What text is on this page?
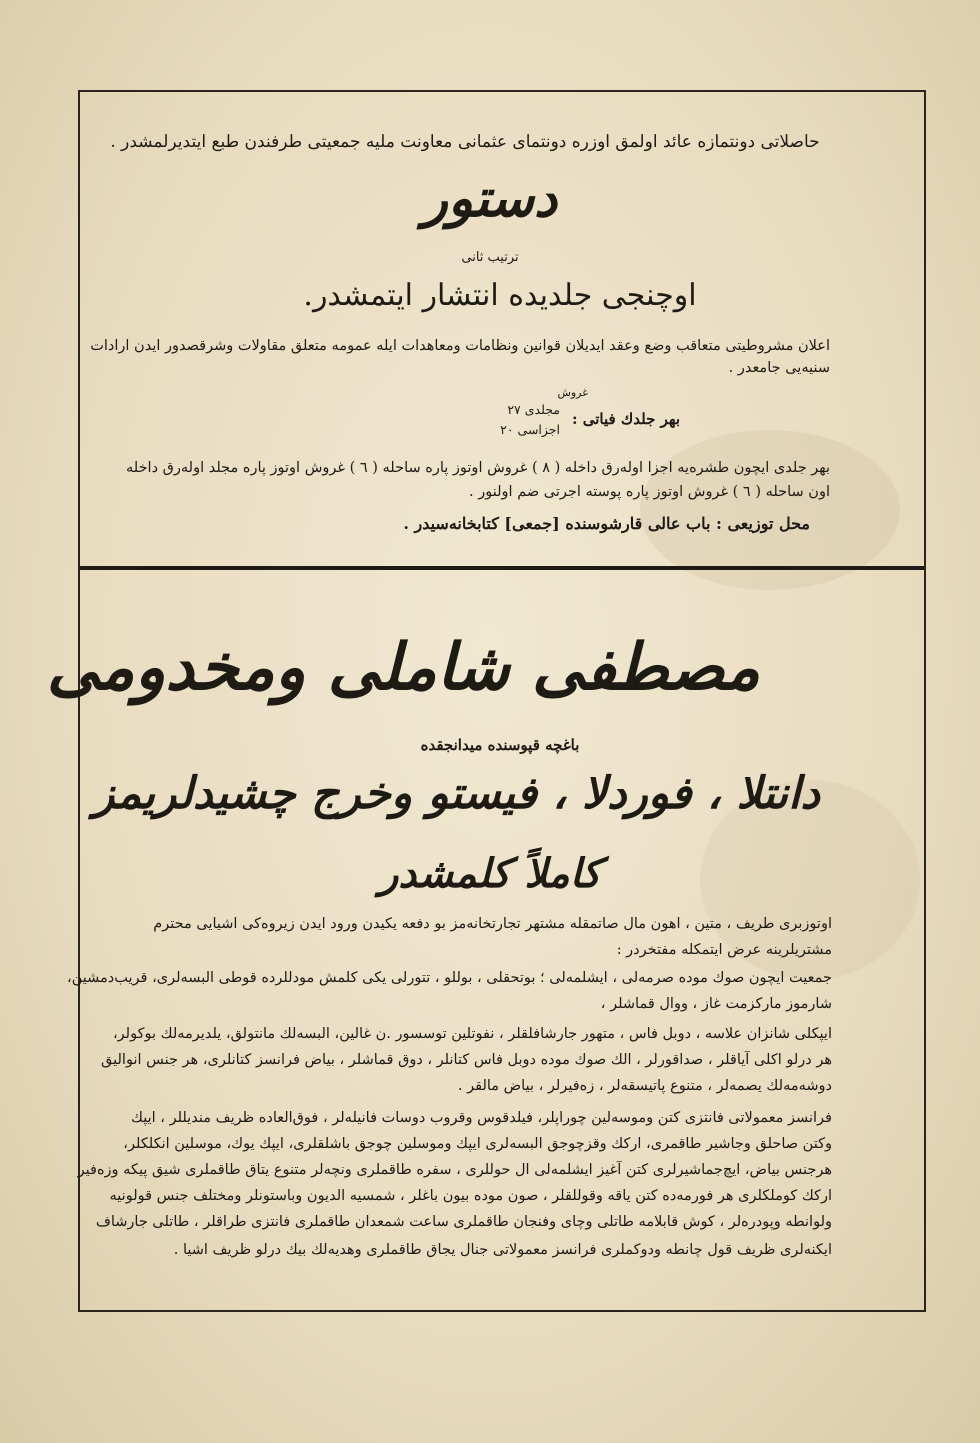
حاصلاتی دونتمازه عائد اولمق اوزره دونتمای عثمانی معاونت ملیه جمعیتی طرفندن طبع ایتدیرلمشدر .
دستور
ترتیب ثانی
اوچنجی جلدیده انتشار ایتمشدر.
اعلان مشروطیتی متعاقب وضع وعقد ایدیلان قوانین ونظامات ومعاهدات ایله عمومه متعلق مقاولات وشرقصدور ایدن ارادات
سنیه‌یی جامعدر .
غروش
بهر جلدك فیاتی :
مجلدی ٢٧
اجزاسی ٢٠
بهر جلدی ایچون طشره‌یه اجزا اوله‌رق داخله ( ٨ ) غروش اوتوز پاره ساحله ( ٦ ) غروش اوتوز پاره مجلد اوله‌رق داخله
اون ساحله ( ٦ ) غروش اوتوز پاره پوسته اجرتی ضم اولنور .
محل توزیعی : باب عالی قارشوسنده [جمعی] کتابخانه‌سیدر .
مصطفی شاملی ومخدومی
باغچه قپوسنده میدانجقده
دانتلا ، فوردلا ، فیستو وخرج چشیدلریمز
کاملاً کلمشدر
اوتوزبری طریف ، متین ، اهون مال صاتمقله مشتهر تجارتخانه‌مز بو دفعه یکیدن ورود ایدن زیروه‌کی اشیایی محترم
مشتریلرینه عرض ایتمکله مفتخردر :
جمعیت ایچون صوك موده صرمه‌لی ، ایشلمه‌لی ؛ بوتحقلی ، بوللو ، تتورلی یکی کلمش مودللرده قوطی البسه‌لری، قریب‌دمشین،
شارموز مارکزمت غاز ، ووال قماشلر ،
ایپکلی شانزان علاسه ، دوبل فاس ، متهور جارشافلقلر ، نفوتلین توسسور .ن غالین، البسه‌لك مانتولق، یلدیرمه‌لك بوکولر،
هر درلو اکلی آیاقلر ، صداقورلر ، الك صوك موده دوبل فاس کتانلر ، دوق قماشلر ، بیاض فرانسز کتانلری، هر جنس انوالیق
دوشه‌مه‌لك یصمه‌لر ، متنوع پاتیسقه‌لر ، زه‌فیرلر ، بیاض مالقر .
فرانسز معمولاتی فانتزی کتن وموسه‌لین چوراپلر، فیلدقوس وقروب دوسات فانیله‌لر ، فوق‌العاده ظریف مندیللر ، ایپك
وکتن صاحلق وجاشیر طاقمری، ارکك وقزچوجق البسه‌لری ایپك وموسلین چوجق باشلقلری، ایپك یوك، موسلین انکلکلر،
هرجنس بیاض، ایچ‌جماشیرلری کتن آغیز ایشلمه‌لی ال حوللری ، سفره طاقملری ونچه‌لر متنوع یتاق طاقملری شیق پیکه وزه‌فیر
ارکك کوملکلری هر فورمه‌ده کتن یاقه وقوللقلر ، صون موده بیون باغلر ، شمسیه الدیون وباستونلر ومختلف جنس قولونیه
ولوانطه وپودرەلر ، کوش قابلامه طاتلی وچای وفنجان طاقملری ساعت شمعدان طاقملری فانتزی طراقلر ، طاتلی جارشاف
ایکنه‌لری ظریف قول چانطه ودوکملری فرانسز معمولاتی جنال یجاق طاقملری وهدیه‌لك بیك درلو ظریف اشیا .
